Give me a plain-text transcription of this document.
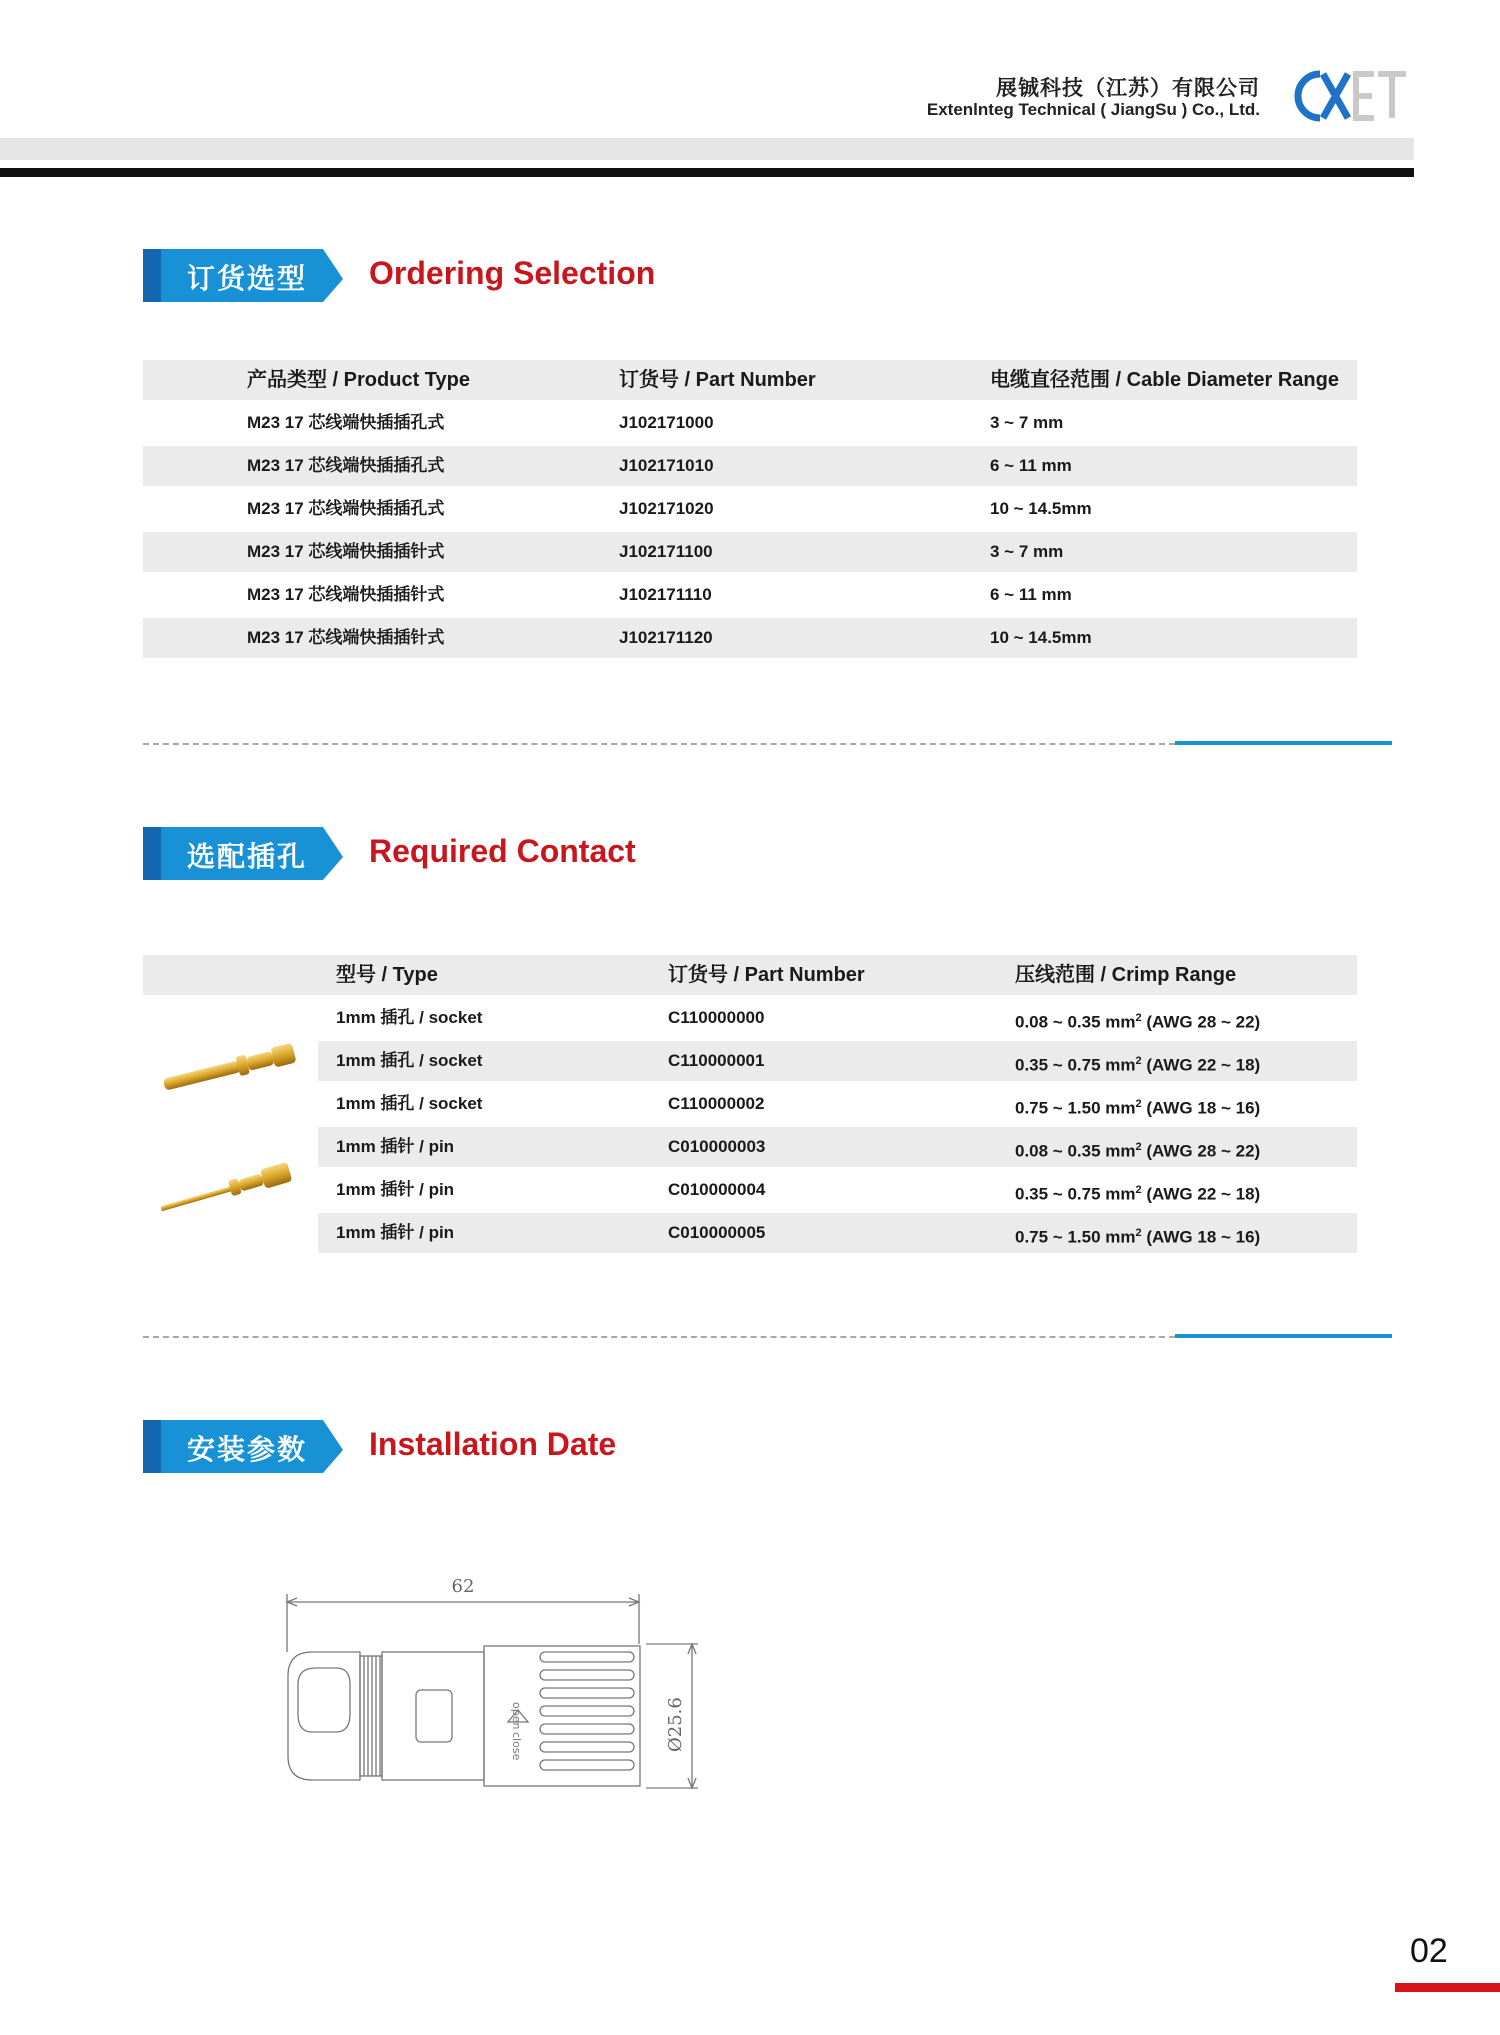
展铖科技（江苏）有限公司
Extenlnteg Technical ( JiangSu ) Co., Ltd.
订货选型 Ordering Selection
产品类型 / Product Type	订货号 / Part Number	电缆直径范围 / Cable Diameter Range
M23 17 芯线端快插插孔式	J102171000	3 ~ 7 mm
M23 17 芯线端快插插孔式	J102171010	6 ~ 11 mm
M23 17 芯线端快插插孔式	J102171020	10 ~ 14.5mm
M23 17 芯线端快插插针式	J102171100	3 ~ 7 mm
M23 17 芯线端快插插针式	J102171110	6 ~ 11 mm
M23 17 芯线端快插插针式	J102171120	10 ~ 14.5mm
选配插孔 Required Contact
型号 / Type	订货号 / Part Number	压线范围 / Crimp Range
1mm 插孔 / socket	C110000000	0.08 ~ 0.35 $mm^2$ (AWG 28 ~ 22)
1mm 插孔 / socket	C110000001	0.35 ~ 0.75 $mm^2$ (AWG 22 ~ 18)
1mm 插孔 / socket	C110000002	0.75 ~ 1.50 $mm^2$ (AWG 18 ~ 16)
1mm 插针 / pin	C010000003	0.08 ~ 0.35 $mm^2$ (AWG 28 ~ 22)
1mm 插针 / pin	C010000004	0.35 ~ 0.75 $mm^2$ (AWG 22 ~ 18)
1mm 插针 / pin	C010000005	0.75 ~ 1.50 $mm^2$ (AWG 18 ~ 16)
安装参数 Installation Date
62
Ø25.6
open
close
02
